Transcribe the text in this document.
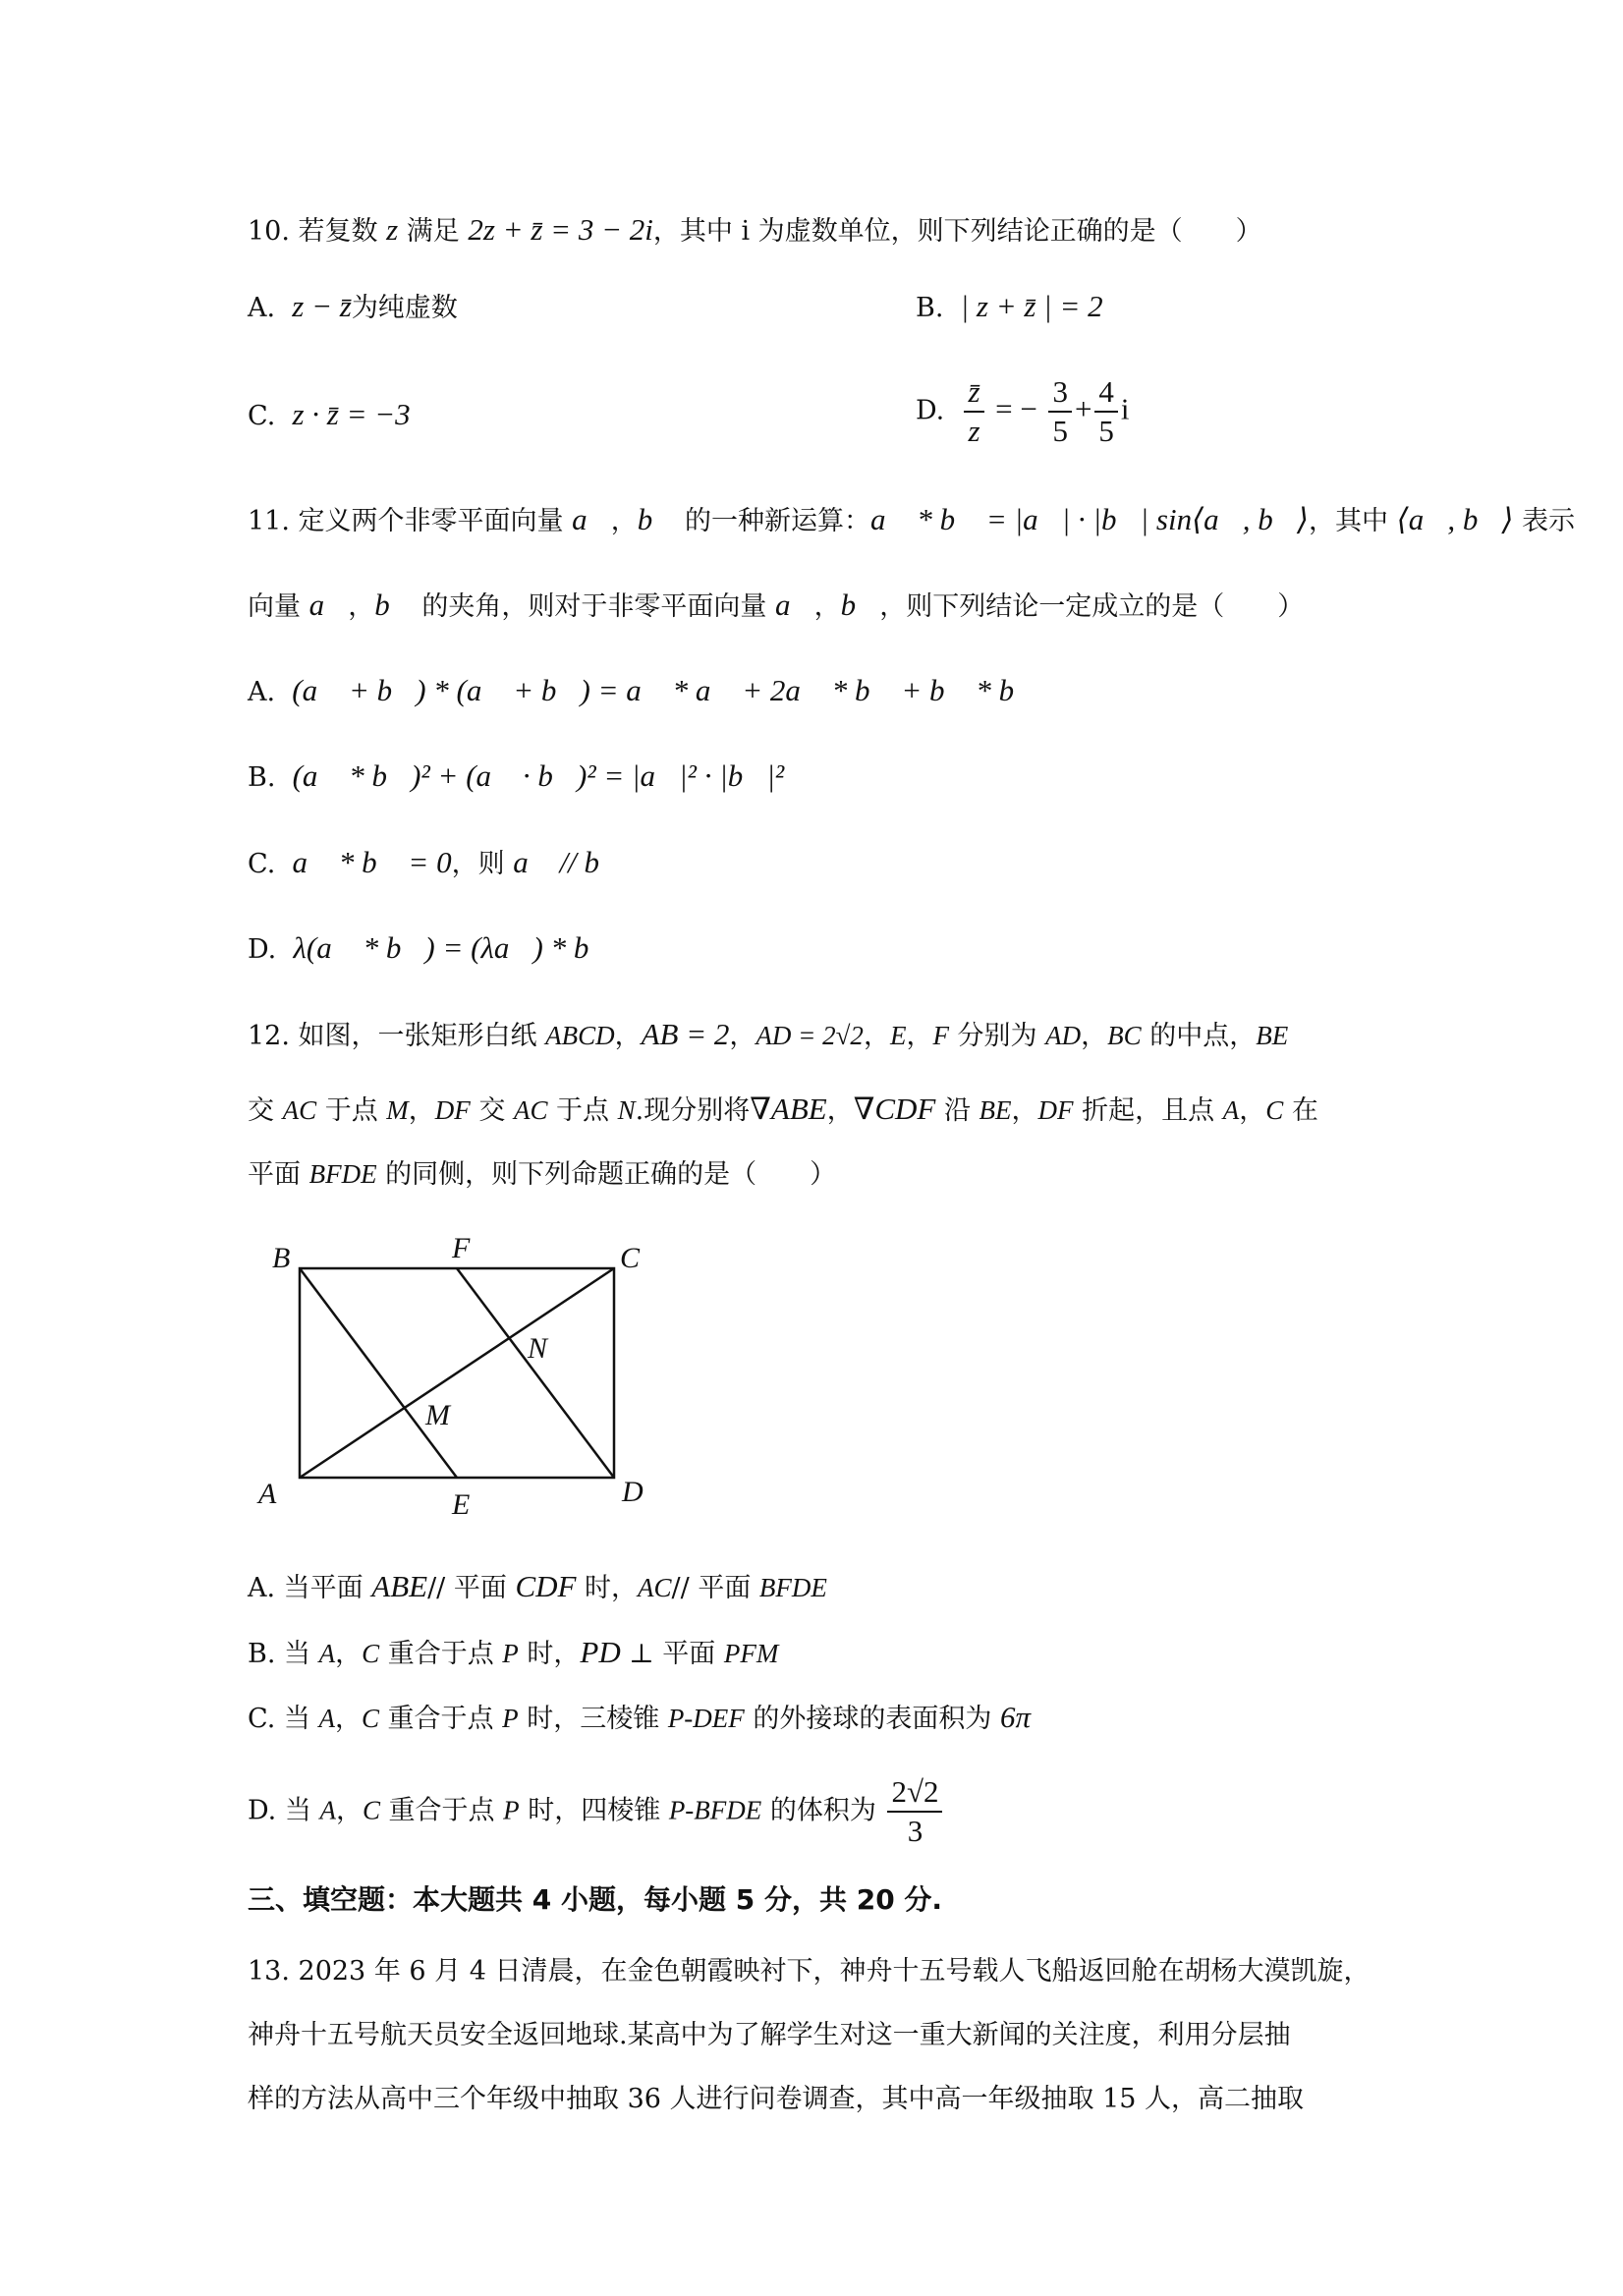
10. 若复数 z 满足 2z + z̄ = 3 − 2i，其中 i 为虚数单位，则下列结论正确的是（　　）
A. z − z̄为纯虚数	B. | z + z̄ | = 2
C. z · z̄ = −3	D. $\frac{z̄}{z}$ = − $\frac{3}{5} + \frac{4}{5}$ i
11. 定义两个非零平面向量 a⃗，b⃗ 的一种新运算：a⃗ * b⃗ = |a⃗| · |b⃗| sin⟨a⃗, b⃗⟩，其中 ⟨a⃗, b⃗⟩ 表示
向量 a⃗，b⃗ 的夹角，则对于非零平面向量 a⃗，b⃗，则下列结论一定成立的是（　　）
A. (a⃗ + b⃗) * (a⃗ + b⃗) = a⃗ * a⃗ + 2a⃗ * b⃗ + b⃗ * b⃗
B. (a⃗ * b⃗)² + (a⃗ · b⃗)² = |a⃗|² · |b⃗|²
C. a⃗ * b⃗ = 0，则 a⃗ // b⃗
D. λ(a⃗ * b⃗) = (λa⃗) * b⃗
12. 如图，一张矩形白纸 ABCD，AB = 2，AD = 2√2，E，F 分别为 AD，BC 的中点，BE
交 AC 于点 M，DF 交 AC 于点 N.现分别将∇ABE，∇CDF 沿 BE，DF 折起，且点 A，C 在
平面 BFDE 的同侧，则下列命题正确的是（　　）
B	F	C
N
M
A	E	D
A. 当平面 ABE// 平面 CDF 时，AC// 平面 BFDE
B. 当 A，C 重合于点 P 时，PD ⊥ 平面 PFM
C. 当 A，C 重合于点 P 时，三棱锥 P-DEF 的外接球的表面积为 6π
D. 当 A，C 重合于点 P 时，四棱锥 P-BFDE 的体积为 $\frac{2√2}{3}$
三、填空题：本大题共 4 小题，每小题 5 分，共 20 分.
13. 2023 年 6 月 4 日清晨，在金色朝霞映衬下，神舟十五号载人飞船返回舱在胡杨大漠凯旋，
神舟十五号航天员安全返回地球.某高中为了解学生对这一重大新闻的关注度，利用分层抽
样的方法从高中三个年级中抽取 36 人进行问卷调查，其中高一年级抽取 15 人，高二抽取
